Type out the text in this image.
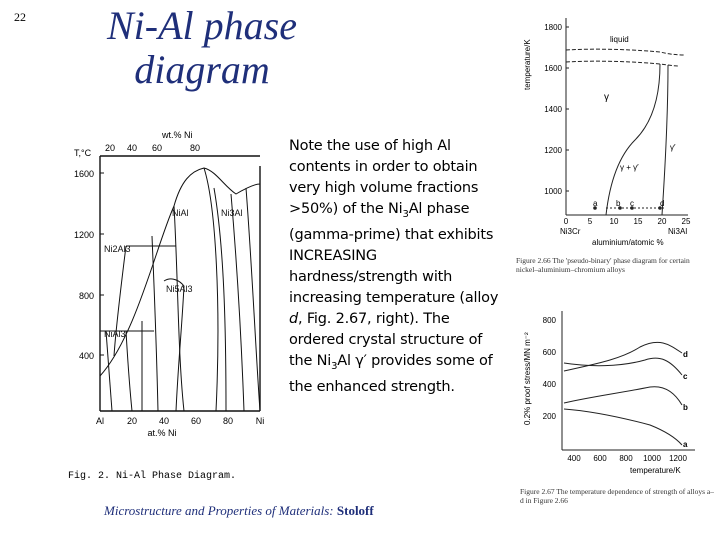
22	Ni-Al phase
diagram
wt.% Ni
20 40 60	80
T,°C
1600
1200
800
400
NiAl	Ni3Al
Ni2Al3
NiAl3
Ni5Al3
Al	20 40 60 80	Ni
at.% Ni
Fig. 2. Ni-Al Phase Diagram.
Note the use of high Al contents in order to obtain very high volume fractions >50%) of the $Ni_3Al$ phase (gamma-prime) that exhibits INCREASING hardness/strength with increasing temperature (alloy d, Fig. 2.67, right). The ordered crystal structure of the $Ni_3Al$ γ′ provides some of the enhanced strength.
temperature/K
1800
1600
1400
1200
1000
liquid
γ
γ′
γ + γ′
a b c	d
0 5 10 15 20 25
Ni3Cr	Ni3Al
aluminium/atomic %
Figure 2.66 The 'pseudo-binary' phase diagram for certain nickel–aluminium–chromium alloys
0.2% proof stress/MN m⁻²
800
600
400
200
d
c
b
a
400 600 800 1000 1200
temperature/K
Figure 2.67 The temperature dependence of strength of alloys a–d in Figure 2.66
Microstructure and Properties of Materials: Stoloff
